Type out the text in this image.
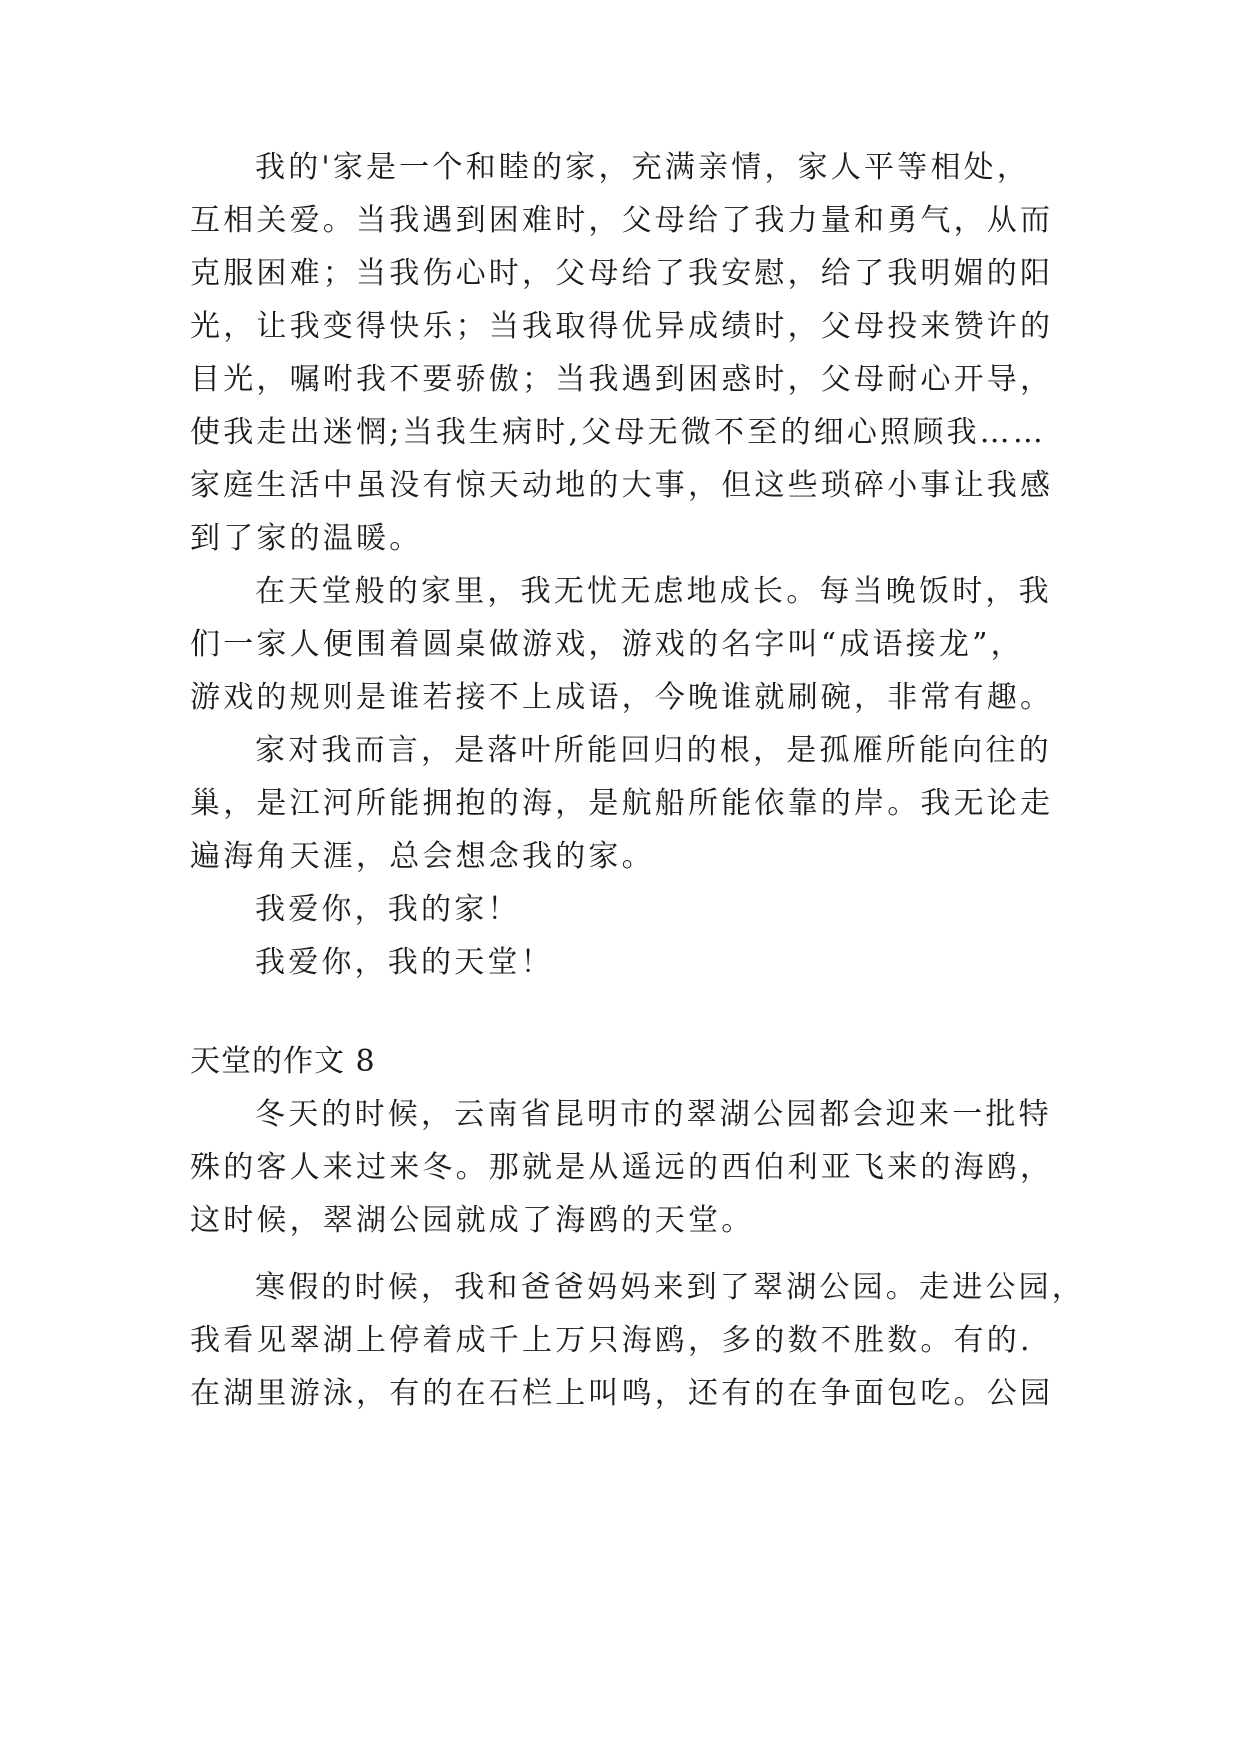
我的'家是一个和睦的家，充满亲情，家人平等相处，
互相关爱。当我遇到困难时，父母给了我力量和勇气，从而
克服困难；当我伤心时，父母给了我安慰，给了我明媚的阳
光，让我变得快乐；当我取得优异成绩时，父母投来赞许的
目光，嘱咐我不要骄傲；当我遇到困惑时，父母耐心开导，
使我走出迷惘;当我生病时,父母无微不至的细心照顾我……
家庭生活中虽没有惊天动地的大事，但这些琐碎小事让我感
到了家的温暖。
在天堂般的家里，我无忧无虑地成长。每当晚饭时，我
们一家人便围着圆桌做游戏，游戏的名字叫“成语接龙”，
游戏的规则是谁若接不上成语，今晚谁就刷碗，非常有趣。
家对我而言，是落叶所能回归的根，是孤雁所能向往的
巢，是江河所能拥抱的海，是航船所能依靠的岸。我无论走
遍海角天涯，总会想念我的家。
我爱你，我的家！
我爱你，我的天堂！
天堂的作文 8
冬天的时候，云南省昆明市的翠湖公园都会迎来一批特
殊的客人来过来冬。那就是从遥远的西伯利亚飞来的海鸥，
这时候，翠湖公园就成了海鸥的天堂。
寒假的时候，我和爸爸妈妈来到了翠湖公园。走进公园，
我看见翠湖上停着成千上万只海鸥，多的数不胜数。有的.
在湖里游泳，有的在石栏上叫鸣，还有的在争面包吃。公园
